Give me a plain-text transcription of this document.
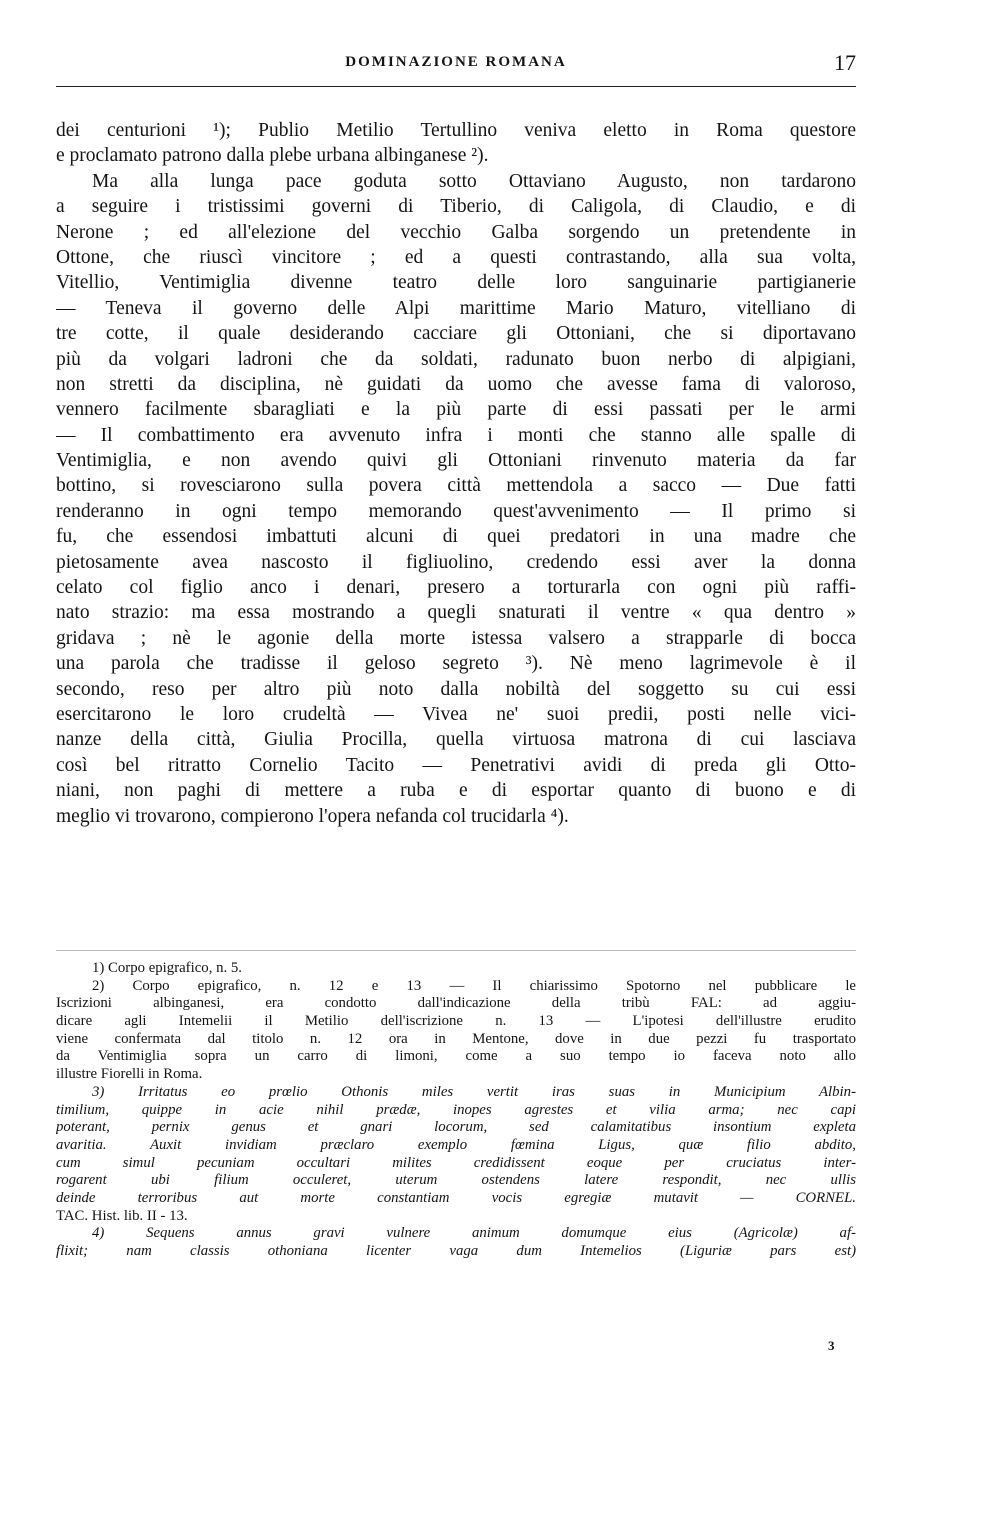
DOMINAZIONE ROMANA	17
dei centurioni ¹); Publio Metilio Tertullino veniva eletto in Roma questore
e proclamato patrono dalla plebe urbana albinganese ²).
Ma alla lunga pace goduta sotto Ottaviano Augusto, non tardarono
a seguire i tristissimi governi di Tiberio, di Caligola, di Claudio, e di
Nerone ; ed all'elezione del vecchio Galba sorgendo un pretendente in
Ottone, che riuscì vincitore ; ed a questi contrastando, alla sua volta,
Vitellio, Ventimiglia divenne teatro delle loro sanguinarie partigianerie
— Teneva il governo delle Alpi marittime Mario Maturo, vitelliano di
tre cotte, il quale desiderando cacciare gli Ottoniani, che si diportavano
più da volgari ladroni che da soldati, radunato buon nerbo di alpigiani,
non stretti da disciplina, nè guidati da uomo che avesse fama di valoroso,
vennero facilmente sbaragliati e la più parte di essi passati per le armi
— Il combattimento era avvenuto infra i monti che stanno alle spalle di
Ventimiglia, e non avendo quivi gli Ottoniani rinvenuto materia da far
bottino, si rovesciarono sulla povera città mettendola a sacco — Due fatti
renderanno in ogni tempo memorando quest'avvenimento — Il primo si
fu, che essendosi imbattuti alcuni di quei predatori in una madre che
pietosamente avea nascosto il figliuolino, credendo essi aver la donna
celato col figlio anco i denari, presero a torturarla con ogni più raffi-
nato strazio: ma essa mostrando a quegli snaturati il ventre « qua dentro »
gridava ; nè le agonie della morte istessa valsero a strapparle di bocca
una parola che tradisse il geloso segreto ³). Nè meno lagrimevole è il
secondo, reso per altro più noto dalla nobiltà del soggetto su cui essi
esercitarono le loro crudeltà — Vivea ne' suoi predii, posti nelle vici-
nanze della città, Giulia Procilla, quella virtuosa matrona di cui lasciava
così bel ritratto Cornelio Tacito — Penetrativi avidi di preda gli Otto-
niani, non paghi di mettere a ruba e di esportar quanto di buono e di
meglio vi trovarono, compierono l'opera nefanda col trucidarla ⁴).
1) Corpo epigrafico, n. 5.
2) Corpo epigrafico, n. 12 e 13 — Il chiarissimo Spotorno nel pubblicare le
Iscrizioni albinganesi, era condotto dall'indicazione della tribù FAL: ad aggiu-
dicare agli Intemelii il Metilio dell'iscrizione n. 13 — L'ipotesi dell'illustre erudito
viene confermata dal titolo n. 12 ora in Mentone, dove in due pezzi fu trasportato
da Ventimiglia sopra un carro di limoni, come a suo tempo io faceva noto allo
illustre Fiorelli in Roma.
3) Irritatus eo prœlio Othonis miles vertit iras suas in Municipium Albin-
timilium, quippe in acie nihil prædæ, inopes agrestes et vilia arma; nec capi
poterant, pernix genus et gnari locorum, sed calamitatibus insontium expleta
avaritia. Auxit invidiam præclaro exemplo fœmina Ligus, quæ filio abdito,
cum simul pecuniam occultari milites credidissent eoque per cruciatus inter-
rogarent ubi filium occuleret, uterum ostendens latere respondit, nec ullis
deinde terroribus aut morte constantiam vocis egregiæ mutavit — CORNEL.
TAC. Hist. lib. II - 13.
4) Sequens annus gravi vulnere animum domumque eius (Agricolæ) af-
flixit; nam classis othoniana licenter vaga dum Intemelios (Liguriæ pars est)
3
